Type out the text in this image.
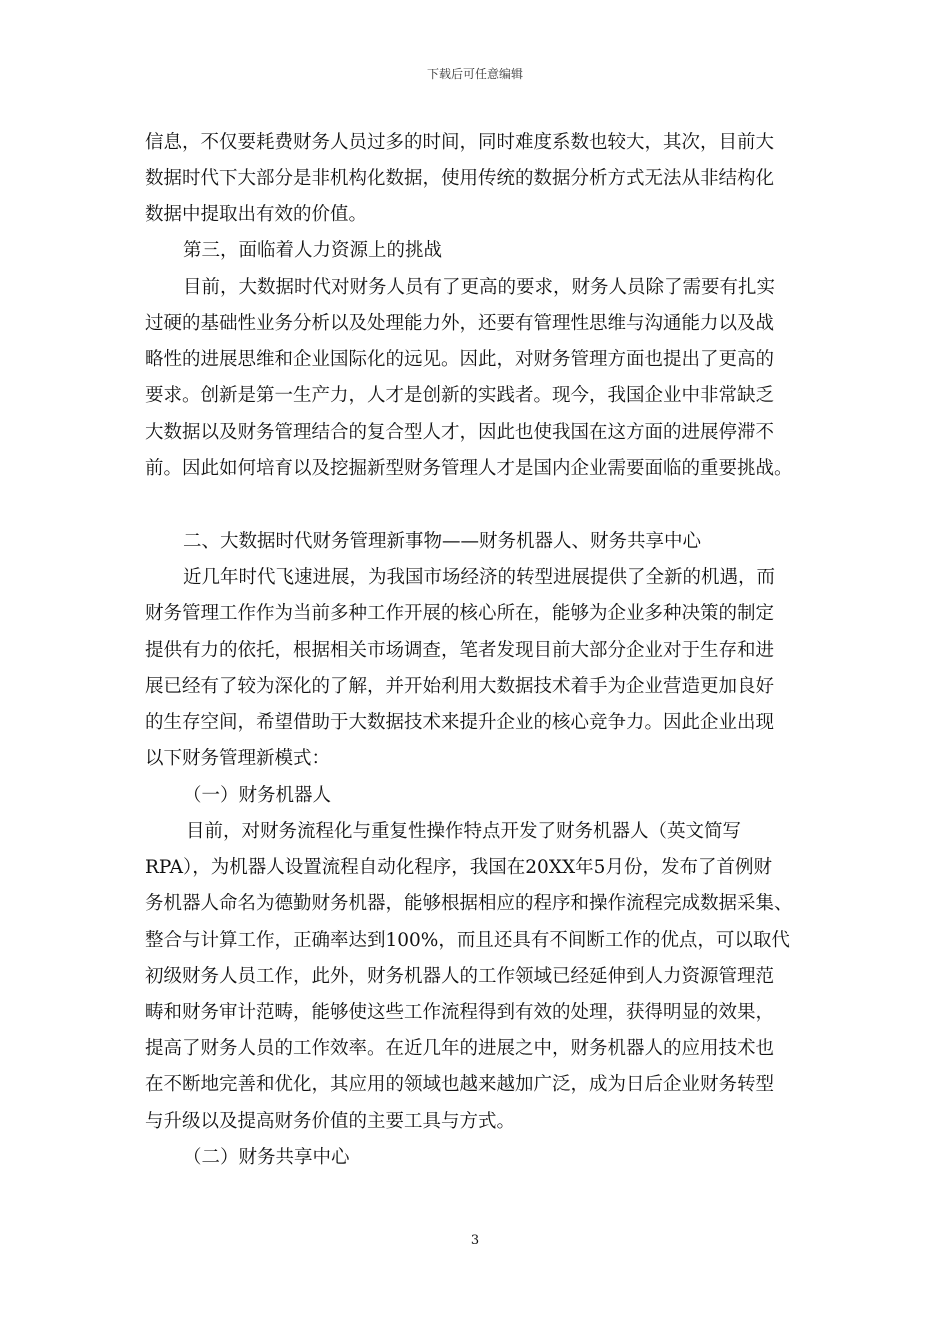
下载后可任意编辑
信息，不仅要耗费财务人员过多的时间，同时难度系数也较大，其次，目前大
数据时代下大部分是非机构化数据，使用传统的数据分析方式无法从非结构化
数据中提取出有效的价值。
第三，面临着人力资源上的挑战
目前，大数据时代对财务人员有了更高的要求，财务人员除了需要有扎实
过硬的基础性业务分析以及处理能力外，还要有管理性思维与沟通能力以及战
略性的进展思维和企业国际化的远见。因此，对财务管理方面也提出了更高的
要求。创新是第一生产力，人才是创新的实践者。现今，我国企业中非常缺乏
大数据以及财务管理结合的复合型人才，因此也使我国在这方面的进展停滞不
前。因此如何培育以及挖掘新型财务管理人才是国内企业需要面临的重要挑战。
二、大数据时代财务管理新事物——财务机器人、财务共享中心
近几年时代飞速进展，为我国市场经济的转型进展提供了全新的机遇，而
财务管理工作作为当前多种工作开展的核心所在，能够为企业多种决策的制定
提供有力的依托，根据相关市场调查，笔者发现目前大部分企业对于生存和进
展已经有了较为深化的了解，并开始利用大数据技术着手为企业营造更加良好
的生存空间，希望借助于大数据技术来提升企业的核心竞争力。因此企业出现
以下财务管理新模式：
（一）财务机器人
目前，对财务流程化与重复性操作特点开发了财务机器人（英文简写
RPA），为机器人设置流程自动化程序，我国在20XX年5月份，发布了首例财
务机器人命名为德勤财务机器，能够根据相应的程序和操作流程完成数据采集、
整合与计算工作，正确率达到100%，而且还具有不间断工作的优点，可以取代
初级财务人员工作，此外，财务机器人的工作领域已经延伸到人力资源管理范
畴和财务审计范畴，能够使这些工作流程得到有效的处理，获得明显的效果，
提高了财务人员的工作效率。在近几年的进展之中，财务机器人的应用技术也
在不断地完善和优化，其应用的领域也越来越加广泛，成为日后企业财务转型
与升级以及提高财务价值的主要工具与方式。
（二）财务共享中心
3
